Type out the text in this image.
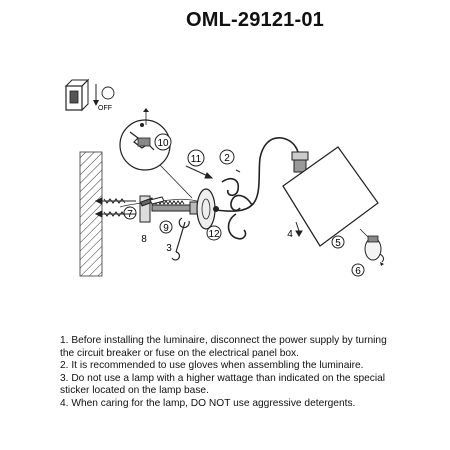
OML-29121-01
OFF
2
3
4
5
6
7
8
9
10
11
12

1. Before installing the luminaire, disconnect the power supply by turning the circuit breaker or fuse on the electrical panel box.

2. It is recommended to use gloves when assembling the luminaire.

3. Do not use a lamp with a higher wattage than indicated on the special sticker located on the lamp base.

4. When caring for the lamp, DO NOT use aggressive detergents.
